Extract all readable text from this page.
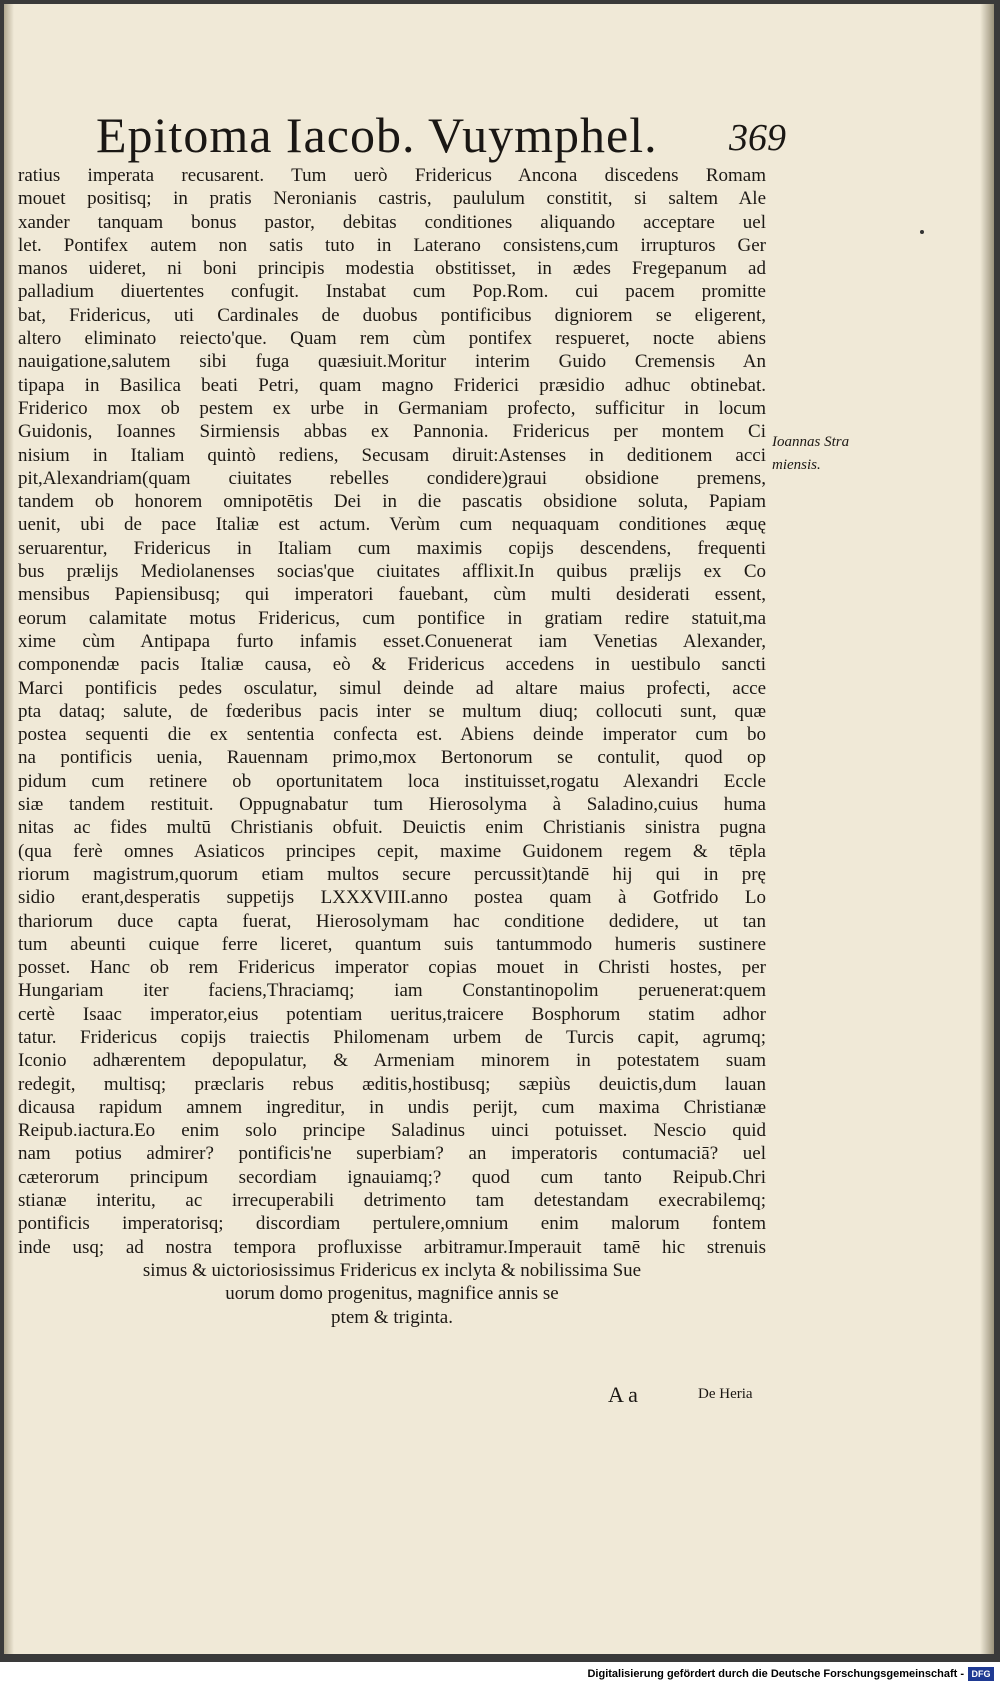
Epitoma Iacob. Vuymphel. 369
ratius imperata recusarent. Tum uerò Fridericus Ancona discedens Romam
mouet positisq; in pratis Neronianis castris, paululum constitit, si saltem Ale
xander tanquam bonus pastor, debitas conditiones aliquando acceptare uel
let. Pontifex autem non satis tuto in Laterano consistens,cum irrupturos Ger
manos uideret, ni boni principis modestia obstitisset, in ædes Fregepanum ad
palladium diuertentes confugit. Instabat cum Pop.Rom. cui pacem promitte
bat, Fridericus, uti Cardinales de duobus pontificibus digniorem se eligerent,
altero eliminato reiecto'que. Quam rem cùm pontifex respueret, nocte abiens
nauigatione,salutem sibi fuga quæsiuit.Moritur interim Guido Cremensis An
tipapa in Basilica beati Petri, quam magno Friderici præsidio adhuc obtinebat.
Friderico mox ob pestem ex urbe in Germaniam profecto, sufficitur in locum
Guidonis, Ioannes Sirmiensis abbas ex Pannonia. Fridericus per montem Ci
nisium in Italiam quintò rediens, Secusam diruit:Astenses in deditionem acci
pit,Alexandriam(quam ciuitates rebelles condidere)graui obsidione premens,
tandem ob honorem omnipotētis Dei in die pascatis obsidione soluta, Papiam
uenit, ubi de pace Italiæ est actum. Verùm cum nequaquam conditiones æquę
seruarentur, Fridericus in Italiam cum maximis copijs descendens, frequenti
bus prælijs Mediolanenses socias'que ciuitates afflixit.In quibus prælijs ex Co
mensibus Papiensibusq; qui imperatori fauebant, cùm multi desiderati essent,
eorum calamitate motus Fridericus, cum pontifice in gratiam redire statuit,ma
xime cùm Antipapa furto infamis esset.Conuenerat iam Venetias Alexander,
componendæ pacis Italiæ causa, eò & Fridericus accedens in uestibulo sancti
Marci pontificis pedes osculatur, simul deinde ad altare maius profecti, acce
pta dataq; salute, de fœderibus pacis inter se multum diuq; collocuti sunt, quæ
postea sequenti die ex sententia confecta est. Abiens deinde imperator cum bo
na pontificis uenia, Rauennam primo,mox Bertonorum se contulit, quod op
pidum cum retinere ob oportunitatem loca instituisset,rogatu Alexandri Eccle
siæ tandem restituit. Oppugnabatur tum Hierosolyma à Saladino,cuius huma
nitas ac fides multū Christianis obfuit. Deuictis enim Christianis sinistra pugna
(qua ferè omnes Asiaticos principes cepit, maxime Guidonem regem & tēpla
riorum magistrum,quorum etiam multos secure percussit)tandē hij qui in prę
sidio erant,desperatis suppetijs LXXXVIII.anno postea quam à Gotfrido Lo
thariorum duce capta fuerat, Hierosolymam hac conditione dedidere, ut tan
tum abeunti cuique ferre liceret, quantum suis tantummodo humeris sustinere
posset. Hanc ob rem Fridericus imperator copias mouet in Christi hostes, per
Hungariam iter faciens,Thraciamq; iam Constantinopolim peruenerat:quem
certè Isaac imperator,eius potentiam ueritus,traicere Bosphorum statim adhor
tatur. Fridericus copijs traiectis Philomenam urbem de Turcis capit, agrumq;
Iconio adhærentem depopulatur, & Armeniam minorem in potestatem suam
redegit, multisq; præclaris rebus æditis,hostibusq; sæpiùs deuictis,dum lauan
dicausa rapidum amnem ingreditur, in undis perijt, cum maxima Christianæ
Reipub.iactura.Eo enim solo principe Saladinus uinci potuisset. Nescio quid
nam potius admirer? pontificis'ne superbiam? an imperatoris contumaciā? uel
cæterorum principum secordiam ignauiamq;? quod cum tanto Reipub.Chri
stianæ interitu, ac irrecuperabili detrimento tam detestandam execrabilemq;
pontificis imperatorisq; discordiam pertulere,omnium enim malorum fontem
inde usq; ad nostra tempora profluxisse arbitramur.Imperauit tamē hic strenuis
simus & uictoriosissimus Fridericus ex inclyta & nobilissima Sue
uorum domo progenitus, magnifice annis se
ptem & triginta.
Ioannas Stra
miensis.
A a	De Heria
Digitalisierung gefördert durch die Deutsche Forschungsgemeinschaft - DFG
